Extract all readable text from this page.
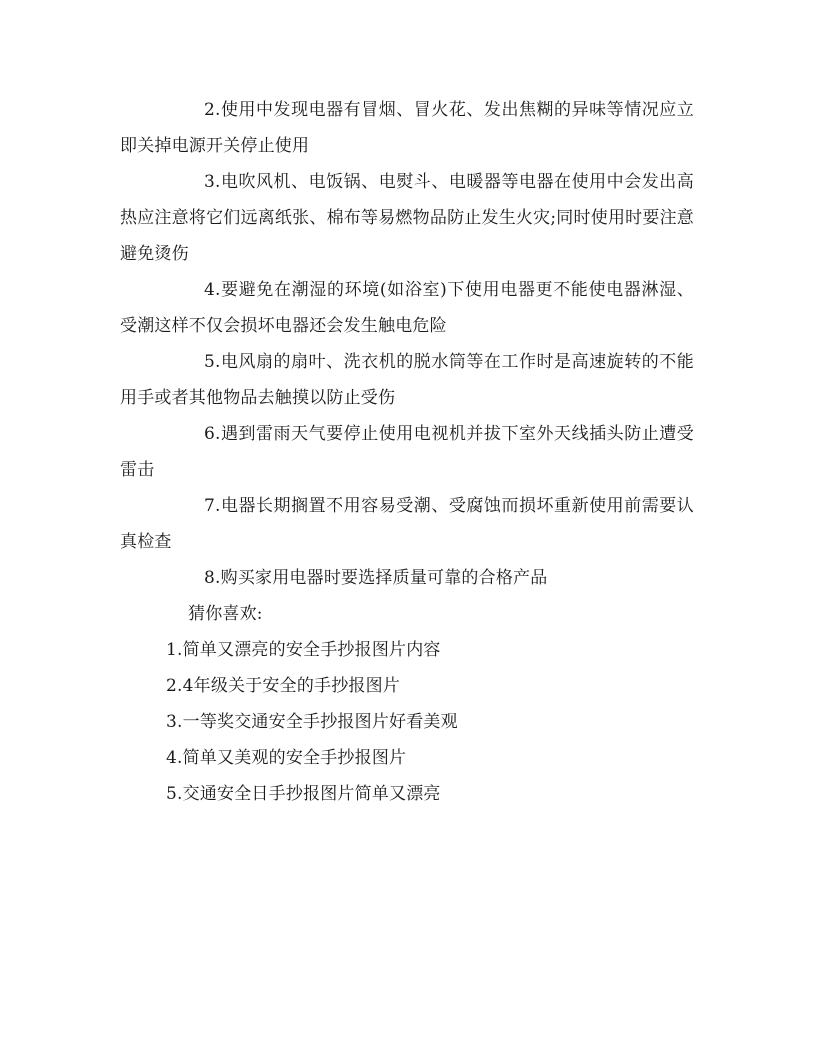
2.使用中发现电器有冒烟、冒火花、发出焦糊的异味等情况应立即关掉电源开关停止使用

3.电吹风机、电饭锅、电熨斗、电暖器等电器在使用中会发出高热应注意将它们远离纸张、棉布等易燃物品防止发生火灾;同时使用时要注意避免烫伤

4.要避免在潮湿的环境(如浴室)下使用电器更不能使电器淋湿、受潮这样不仅会损坏电器还会发生触电危险

5.电风扇的扇叶、洗衣机的脱水筒等在工作时是高速旋转的不能用手或者其他物品去触摸以防止受伤

6.遇到雷雨天气要停止使用电视机并拔下室外天线插头防止遭受雷击

7.电器长期搁置不用容易受潮、受腐蚀而损坏重新使用前需要认真检查

8.购买家用电器时要选择质量可靠的合格产品

猜你喜欢:

1.简单又漂亮的安全手抄报图片内容
2.4年级关于安全的手抄报图片
3.一等奖交通安全手抄报图片好看美观
4.简单又美观的安全手抄报图片
5.交通安全日手抄报图片简单又漂亮
